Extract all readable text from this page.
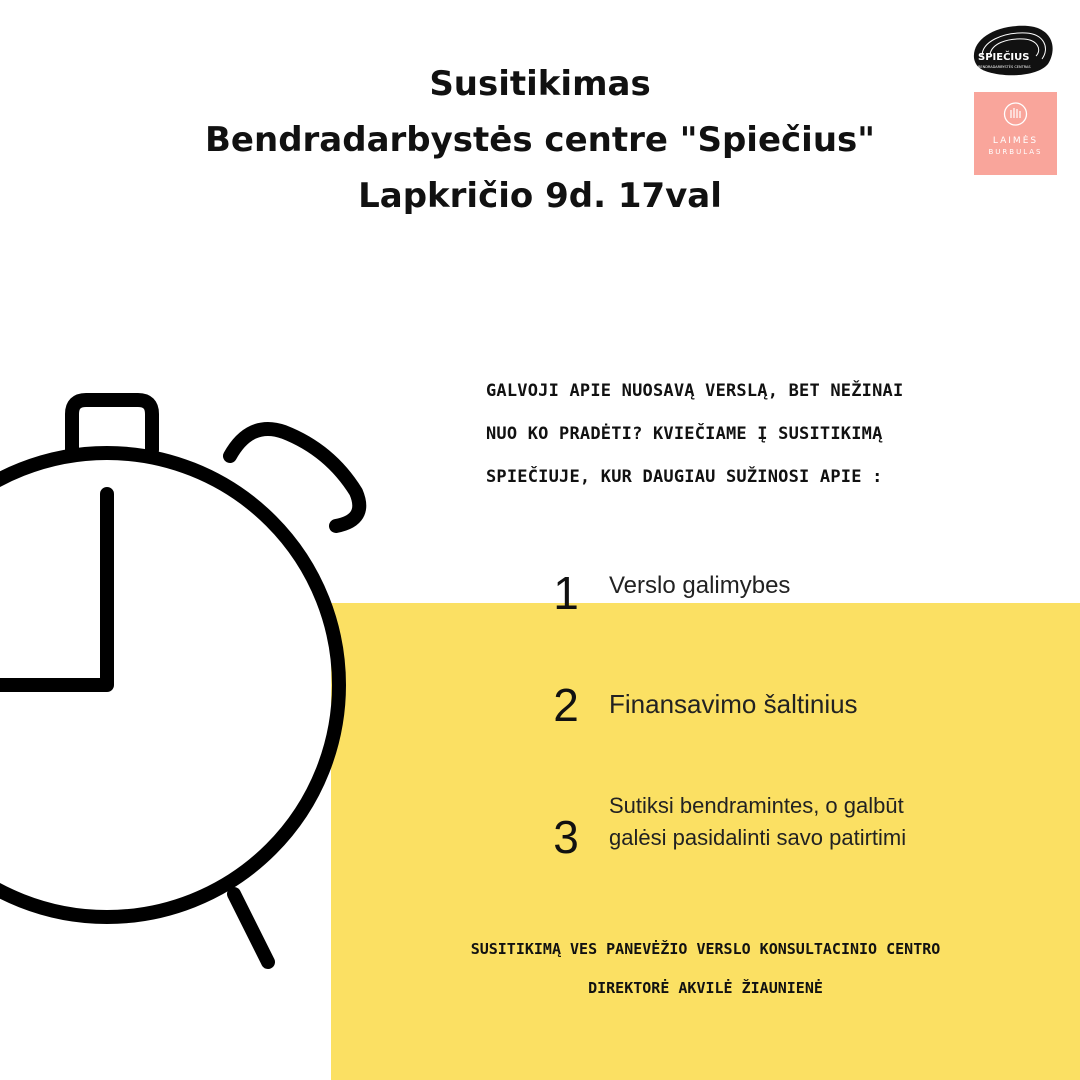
Susitikimas
Bendradarbystės centre "Spiečius"
Lapkričio 9d. 17val
SPIEČIUS
BENDRADARBYSTĖS CENTRAS
LAIMĖS
BURBULAS
GALVOJI APIE NUOSAVĄ VERSLĄ, BET NEŽINAI
NUO KO PRADĖTI? KVIEČIAME Į SUSITIKIMĄ
SPIEČIUJE, KUR DAUGIAU SUŽINOSI APIE :
1	Verslo galimybes
2 Finansavimo šaltinius
3
Sutiksi bendramintes, o galbūt
galėsi pasidalinti savo patirtimi
SUSITIKIMĄ VES PANEVĖŽIO VERSLO KONSULTACINIO CENTRO
DIREKTORĖ AKVILĖ ŽIAUNIENĖ
